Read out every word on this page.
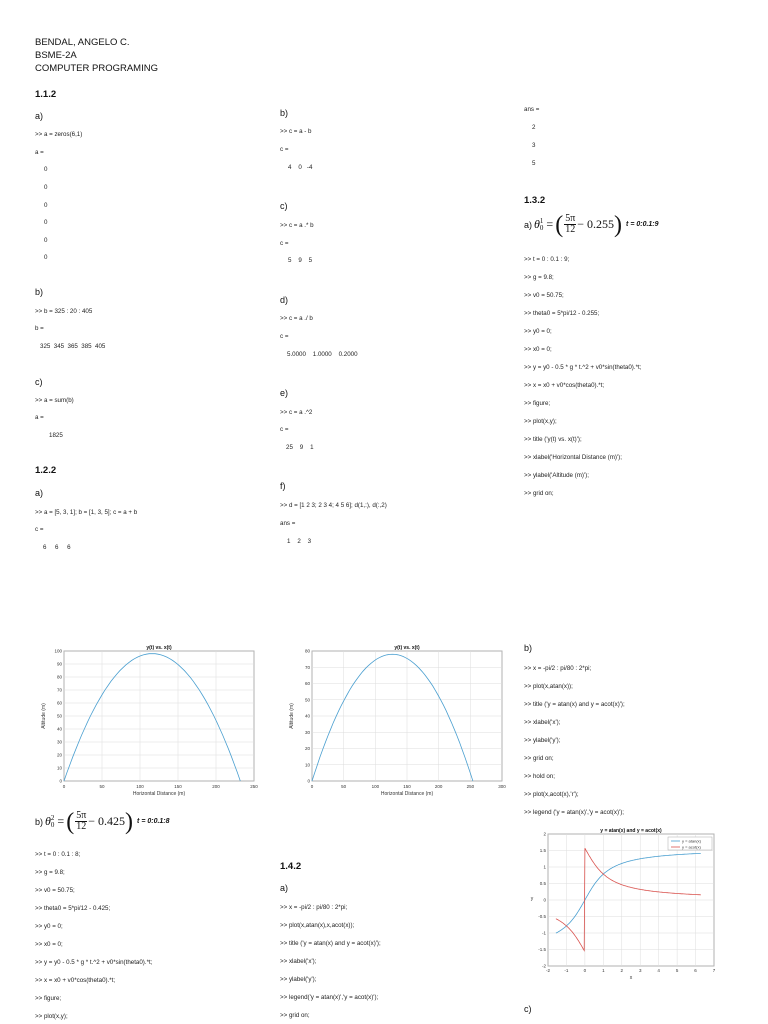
BENDAL, ANGELO C.
BSME-2A
COMPUTER PROGRAMING
1.1.2
a)
>> a = zeros(6,1)
a =
0
0
0
0
0
0
b)
>> b = 325 : 20 : 405
b =
325  345  365  385  405
c)
>> a = sum(b)
a =
1825
1.2.2
a)
>> a = [5, 3, 1]; b = [1, 3, 5]; c = a + b
c =
6     6     6
b)
>> c = a - b
c =
4    0   -4
c)
>> c = a .* b
c =
5    9    5
d)
>> c = a ./ b
c =
5.0000    1.0000    0.2000
e)
>> c = a .^2
c =
25    9    1
f)
>> d = [1 2 3; 2 3 4; 4 5 6]; d(1,:), d(:,2)
ans =
1    2    3
ans =
2
3
5
1.3.2
a) θ 1
0 = ( $\frac{5\pi}{12} - 0.255$ ) t = 0:0.1:9
>> t = 0 : 0.1 : 9;
>> g = 9.8;
>> v0 = 50.75;
>> theta0 = 5*pi/12 - 0.255;
>> y0 = 0;
>> x0 = 0;
>> y = y0 - 0.5 * g * t.^2 + v0*sin(theta0).*t;
>> x = x0 + v0*cos(theta0).*t;
>> figure;
>> plot(x,y);
>> title ('y(t) vs. x(t)');
>> xlabel('Horizontal Distance (m)');
>> ylabel('Altitude (m)');
>> grid on;
0	50	100	150	200	250
0
10
20
30
40
50
60
70
80
90
100	y(t) vs. x(t)
Horizontal Distance (m)
Altitude (m)
0	50	100	150	200	250	300
0
10
20
30
40
50
60
70
80	y(t) vs. x(t)
Horizontal Distance (m)
Altitude (m)
b) θ 2
0 = ( $\frac{5\pi}{12} - 0.425$ ) t = 0:0.1:8
>> t = 0 : 0.1 : 8;
>> g = 9.8;
>> v0 = 50.75;
>> theta0 = 5*pi/12 - 0.425;
>> y0 = 0;
>> x0 = 0;
>> y = y0 - 0.5 * g * t.^2 + v0*sin(theta0).*t;
>> x = x0 + v0*cos(theta0).*t;
>> figure;
>> plot(x,y);
1.4.2
a)
>> x = -pi/2 : pi/80 : 2*pi;
>> plot(x,atan(x),x,acot(x));
>> title ('y = atan(x) and y = acot(x)');
>> xlabel('x');
>> ylabel('y');
>> legend('y = atan(x)','y = acot(x)');
>> grid on;
b)
>> x = -pi/2 : pi/80 : 2*pi;
>> plot(x,atan(x));
>> title ('y = atan(x) and y = acot(x)');
>> xlabel('x');
>> ylabel('y');
>> grid on;
>> hold on;
>> plot(x,acot(x),'r');
>> legend ('y = atan(x)','y = acot(x)');
-2	-1	0	1	2	3	4	5	6	7
-2
-1.5
-1
-0.5
0
0.5
1
1.5
2
y = atan(x)
y = acot(x)
y = atan(x) and y = acot(x)
x
y
c)
